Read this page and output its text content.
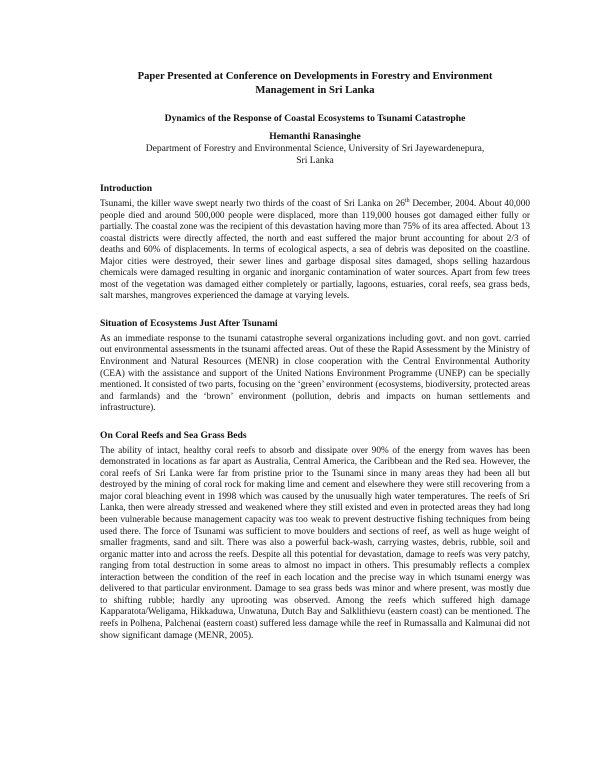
Paper Presented at Conference on Developments in Forestry and Environment
Management in Sri Lanka
Dynamics of the Response of Coastal Ecosystems to Tsunami Catastrophe
Hemanthi Ranasinghe
Department of Forestry and Environmental Science, University of Sri Jayewardenepura,
Sri Lanka
Introduction

Tsunami, the killer wave swept nearly two thirds of the coast of Sri Lanka on 26th December, 2004. About 40,000 people died and around 500,000 people were displaced, more than 119,000 houses got damaged either fully or partially. The coastal zone was the recipient of this devastation having more than 75% of its area affected. About 13 coastal districts were directly affected, the north and east suffered the major brunt accounting for about 2/3 of deaths and 60% of displacements. In terms of ecological aspects, a sea of debris was deposited on the coastline. Major cities were destroyed, their sewer lines and garbage disposal sites damaged, shops selling hazardous chemicals were damaged resulting in organic and inorganic contamination of water sources. Apart from few trees most of the vegetation was damaged either completely or partially, lagoons, estuaries, coral reefs, sea grass beds, salt marshes, mangroves experienced the damage at varying levels.

Situation of Ecosystems Just After Tsunami

As an immediate response to the tsunami catastrophe several organizations including govt. and non govt. carried out environmental assessments in the tsunami affected areas. Out of these the Rapid Assessment by the Ministry of Environment and Natural Resources (MENR) in close cooperation with the Central Environmental Authority (CEA) with the assistance and support of the United Nations Environment Programme (UNEP) can be specially mentioned. It consisted of two parts, focusing on the ‘green’ environment (ecosystems, biodiversity, protected areas and farmlands) and the ‘brown’ environment (pollution, debris and impacts on human settlements and infrastructure).

On Coral Reefs and Sea Grass Beds

The ability of intact, healthy coral reefs to absorb and dissipate over 90% of the energy from waves has been demonstrated in locations as far apart as Australia, Central America, the Caribbean and the Red sea. However, the coral reefs of Sri Lanka were far from pristine prior to the Tsunami since in many areas they had been all but destroyed by the mining of coral rock for making lime and cement and elsewhere they were still recovering from a major coral bleaching event in 1998 which was caused by the unusually high water temperatures. The reefs of Sri Lanka, then were already stressed and weakened where they still existed and even in protected areas they had long been vulnerable because management capacity was too weak to prevent destructive fishing techniques from being used there. The force of Tsunami was sufficient to move boulders and sections of reef, as well as huge weight of smaller fragments, sand and silt. There was also a powerful back-wash, carrying wastes, debris, rubble, soil and organic matter into and across the reefs. Despite all this potential for devastation, damage to reefs was very patchy, ranging from total destruction in some areas to almost no impact in others. This presumably reflects a complex interaction between the condition of the reef in each location and the precise way in which tsunami energy was delivered to that particular environment. Damage to sea grass beds was minor and where present, was mostly due to shifting rubble; hardly any uprooting was observed. Among the reefs which suffered high damage Kapparatota/Weligama, Hikkaduwa, Unwatuna, Dutch Bay and Salklithievu (eastern coast) can be mentioned. The reefs in Polhena, Palchenai (eastern coast) suffered less damage while the reef in Rumassalla and Kalmunai did not show significant damage (MENR, 2005).
